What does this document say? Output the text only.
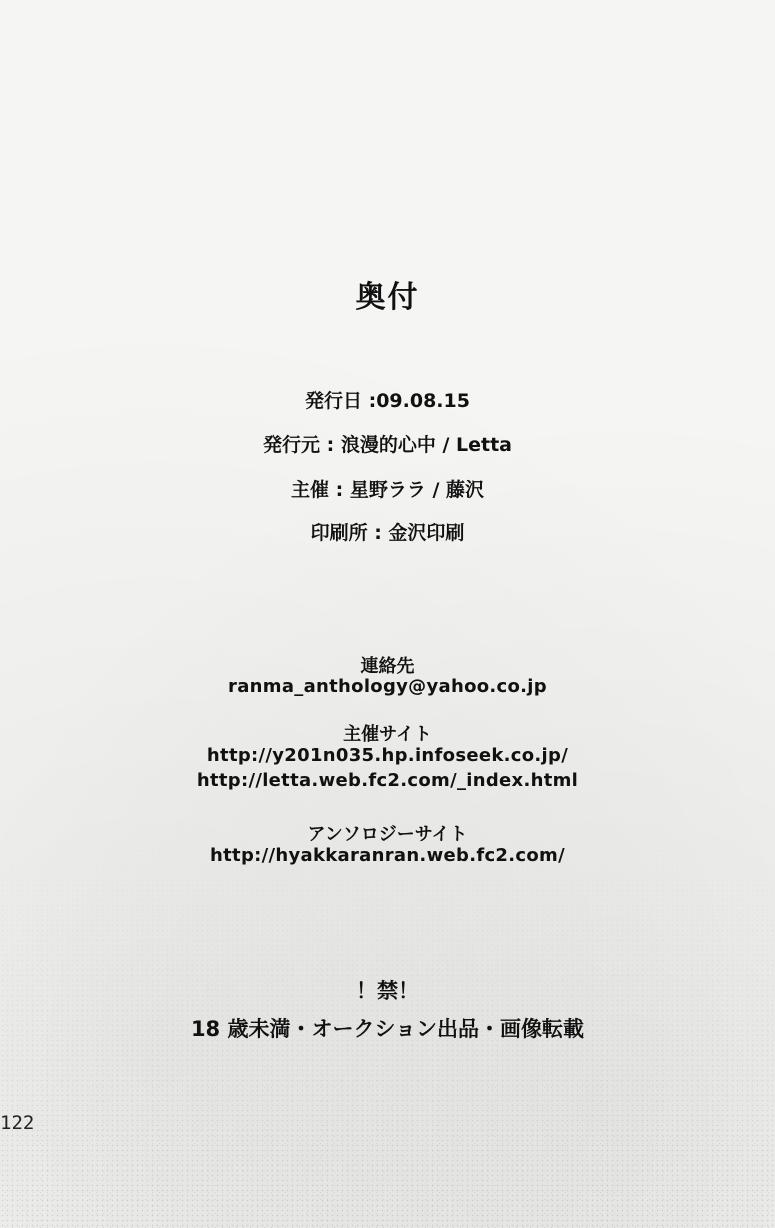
奥付
発行日 :09.08.15
発行元 : 浪漫的心中 / Letta
主催 : 星野ララ / 藤沢
印刷所 : 金沢印刷
連絡先
ranma_anthology@yahoo.co.jp
主催サイト
http://y201n035.hp.infoseek.co.jp/
http://letta.web.fc2.com/_index.html
アンソロジーサイト
http://hyakkaranran.web.fc2.com/
！禁！
18 歳未満・オークション出品・画像転載
122
